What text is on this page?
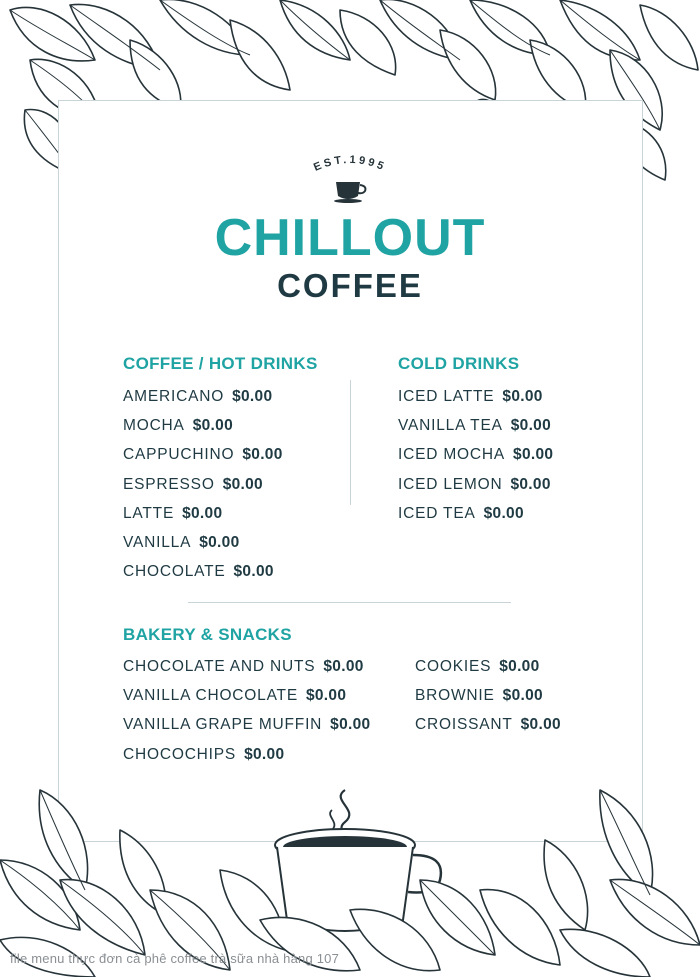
EST.1995
CHILLOUT
COFFEE
COFFEE / HOT DRINKS
AMERICANO $0.00
MOCHA $0.00
CAPPUCHINO $0.00
ESPRESSO $0.00
LATTE $0.00
VANILLA $0.00
CHOCOLATE $0.00
COLD DRINKS
ICED LATTE $0.00
VANILLA TEA $0.00
ICED MOCHA $0.00
ICED LEMON $0.00
ICED TEA $0.00
BAKERY & SNACKS
CHOCOLATE AND NUTS $0.00
VANILLA CHOCOLATE $0.00
VANILLA GRAPE MUFFIN $0.00
CHOCOCHIPS $0.00
COOKIES $0.00
BROWNIE $0.00
CROISSANT $0.00
file menu thực đơn cà phê coffee trà sữa nhà hàng 107
